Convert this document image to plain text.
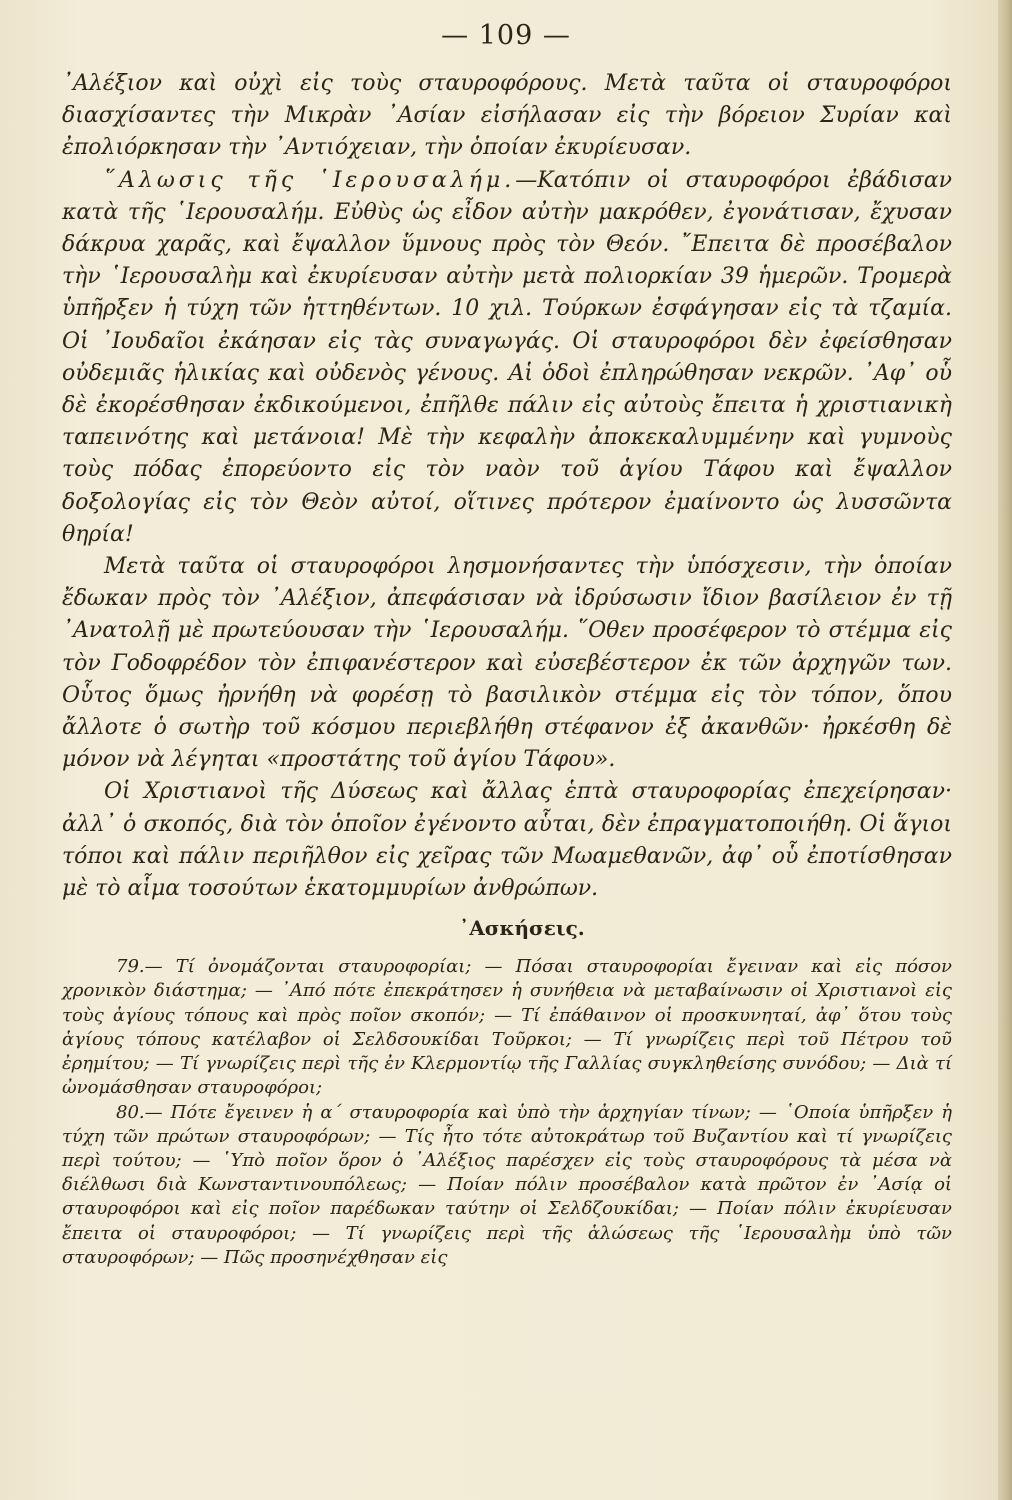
— 109 —

᾿Αλέξιον καὶ οὐχὶ εἰς τοὺς σταυροφόρους. Μετὰ ταῦτα οἱ σταυροφόροι διασχίσαντες τὴν Μικρὰν ᾿Ασίαν εἰσήλασαν εἰς τὴν βόρειον Συρίαν καὶ ἐπολιόρκησαν τὴν ᾿Αντιόχειαν, τὴν ὁποίαν ἐκυρίευσαν.

῞Αλωσις τῆς ῾Ιερουσαλήμ.—Κατόπιν οἱ σταυροφόροι ἐβάδισαν κατὰ τῆς ῾Ιερουσαλήμ. Εὐθὺς ὡς εἶδον αὐτὴν μακρόθεν, ἐγονάτισαν, ἔχυσαν δάκρυα χαρᾶς, καὶ ἔψαλλον ὕμνους πρὸς τὸν Θεόν. ῎Επειτα δὲ προσέβαλον τὴν ῾Ιερουσαλὴμ καὶ ἐκυρίευσαν αὐτὴν μετὰ πολιορκίαν 39 ἡμερῶν. Τρομερὰ ὑπῆρξεν ἡ τύχη τῶν ἡττηθέντων. 10 χιλ. Τούρκων ἐσφάγησαν εἰς τὰ τζαμία. Οἱ ᾿Ιουδαῖοι ἐκάησαν εἰς τὰς συναγωγάς. Οἱ σταυροφόροι δὲν ἐφείσθησαν οὐδεμιᾶς ἡλικίας καὶ οὐδενὸς γένους. Αἱ ὁδοὶ ἐπληρώθησαν νεκρῶν. ᾿Αφ᾿ οὗ δὲ ἐκορέσθησαν ἐκδικούμενοι, ἐπῆλθε πάλιν εἰς αὐτοὺς ἔπειτα ἡ χριστιανικὴ ταπεινότης καὶ μετάνοια! Μὲ τὴν κεφαλὴν ἀποκεκαλυμμένην καὶ γυμνοὺς τοὺς πόδας ἐπορεύοντο εἰς τὸν ναὸν τοῦ ἁγίου Τάφου καὶ ἔψαλλον δοξολογίας εἰς τὸν Θεὸν αὐτοί, οἵτινες πρότερον ἐμαίνοντο ὡς λυσσῶντα θηρία!

Μετὰ ταῦτα οἱ σταυροφόροι λησμονήσαντες τὴν ὑπόσχεσιν, τὴν ὁποίαν ἔδωκαν πρὸς τὸν ᾿Αλέξιον, ἀπεφάσισαν νὰ ἱδρύσωσιν ἴδιον βασίλειον ἐν τῇ ᾿Ανατολῇ μὲ πρωτεύουσαν τὴν ῾Ιερουσαλήμ. ῞Οθεν προσέφερον τὸ στέμμα εἰς τὸν Γοδοφρέδον τὸν ἐπιφανέστερον καὶ εὐσεβέστερον ἐκ τῶν ἀρχηγῶν των. Οὗτος ὅμως ἠρνήθη νὰ φορέσῃ τὸ βασιλικὸν στέμμα εἰς τὸν τόπον, ὅπου ἄλλοτε ὁ σωτὴρ τοῦ κόσμου περιεβλήθη στέφανον ἐξ ἀκανθῶν· ἠρκέσθη δὲ μόνον νὰ λέγηται «προστάτης τοῦ ἁγίου Τάφου».

Οἱ Χριστιανοὶ τῆς Δύσεως καὶ ἄλλας ἑπτὰ σταυροφορίας ἐπεχείρησαν· ἀλλ᾿ ὁ σκοπός, διὰ τὸν ὁποῖον ἐγένοντο αὗται, δὲν ἐπραγματοποιήθη. Οἱ ἅγιοι τόποι καὶ πάλιν περιῆλθον εἰς χεῖρας τῶν Μωαμεθανῶν, ἀφ᾿ οὗ ἐποτίσθησαν μὲ τὸ αἷμα τοσούτων ἑκατομμυρίων ἀνθρώπων.

᾿Ασκήσεις.

79.— Τί ὀνομάζονται σταυροφορίαι; — Πόσαι σταυροφορίαι ἔγειναν καὶ εἰς πόσον χρονικὸν διάστημα; — ᾿Από πότε ἐπεκράτησεν ἡ συνήθεια νὰ μεταβαίνωσιν οἱ Χριστιανοὶ εἰς τοὺς ἁγίους τόπους καὶ πρὸς ποῖον σκοπόν; — Τί ἐπάθαινον οἱ προσκυνηταί, ἀφ᾿ ὅτου τοὺς ἁγίους τόπους κατέλαβον οἱ Σελδσουκίδαι Τοῦρκοι; — Τί γνωρίζεις περὶ τοῦ Πέτρου τοῦ ἐρημίτου; — Τί γνωρίζεις περὶ τῆς ἐν Κλερμοντίῳ τῆς Γαλλίας συγκληθείσης συνόδου; — Διὰ τί ὠνομάσθησαν σταυροφόροι;

80.— Πότε ἔγεινεν ἡ α΄ σταυροφορία καὶ ὑπὸ τὴν ἀρχηγίαν τίνων; — ῾Οποία ὑπῆρξεν ἡ τύχη τῶν πρώτων σταυροφόρων; — Τίς ἦτο τότε αὐτοκράτωρ τοῦ Βυζαντίου καὶ τί γνωρίζεις περὶ τούτου; — ῾Υπὸ ποῖον ὅρον ὁ ᾿Αλέξιος παρέσχεν εἰς τοὺς σταυροφόρους τὰ μέσα νὰ διέλθωσι διὰ Κωνσταντινουπόλεως; — Ποίαν πόλιν προσέβαλον κατὰ πρῶτον ἐν ᾿Ασίᾳ οἱ σταυροφόροι καὶ εἰς ποῖον παρέδωκαν ταύτην οἱ Σελδζουκίδαι; — Ποίαν πόλιν ἐκυρίευσαν ἔπειτα οἱ σταυροφόροι; — Τί γνωρίζεις περὶ τῆς ἁλώσεως τῆς ῾Ιερουσαλὴμ ὑπὸ τῶν σταυροφόρων; — Πῶς προσηνέχθησαν εἰς
